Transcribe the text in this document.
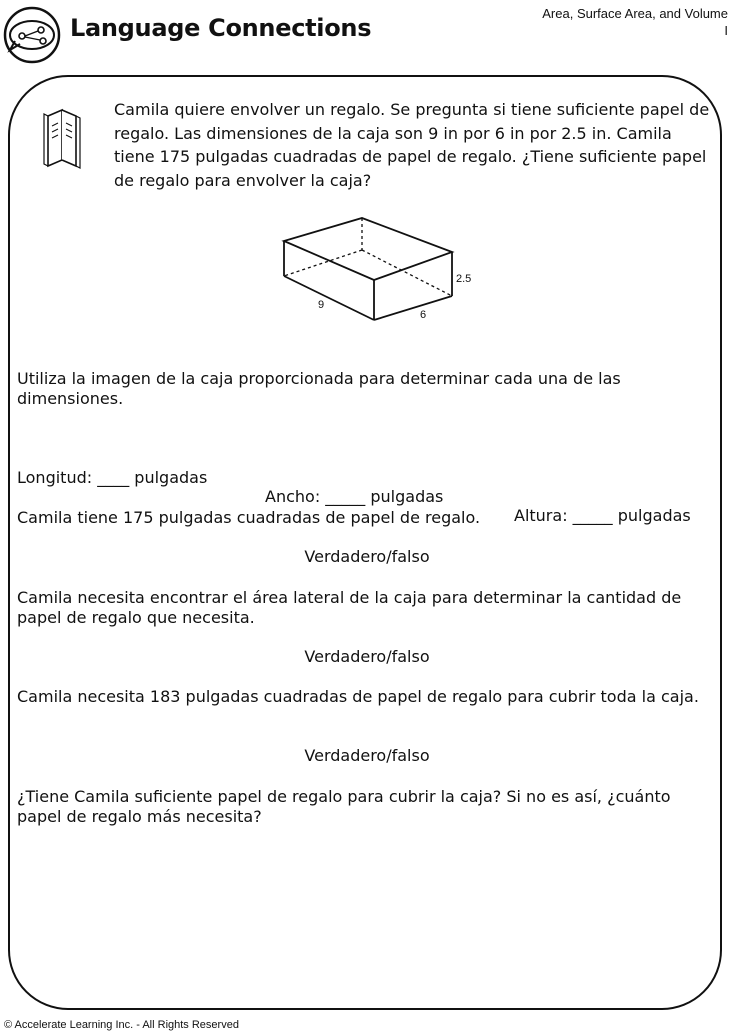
Language Connections
Area, Surface Area, and Volume
I
Camila quiere envolver un regalo. Se pregunta si tiene suficiente papel de regalo. Las dimensiones de la caja son 9 in por 6 in por 2.5 in. Camila tiene 175 pulgadas cuadradas de papel de regalo. ¿Tiene suficiente papel de regalo para envolver la caja?
9
6
2.5
Utiliza la imagen de la caja proporcionada para determinar cada una de las dimensiones.

Longitud: ____ pulgadas

Ancho: _____ pulgadas

Altura: _____ pulgadas

Camila tiene 175 pulgadas cuadradas de papel de regalo.
Verdadero/falso
Camila necesita encontrar el área lateral de la caja para determinar la cantidad de papel de regalo que necesita.
Verdadero/falso
Camila necesita 183 pulgadas cuadradas de papel de regalo para cubrir toda la caja.
Verdadero/falso
¿Tiene Camila suficiente papel de regalo para cubrir la caja? Si no es así, ¿cuánto papel de regalo más necesita?
© Accelerate Learning Inc. - All Rights Reserved
